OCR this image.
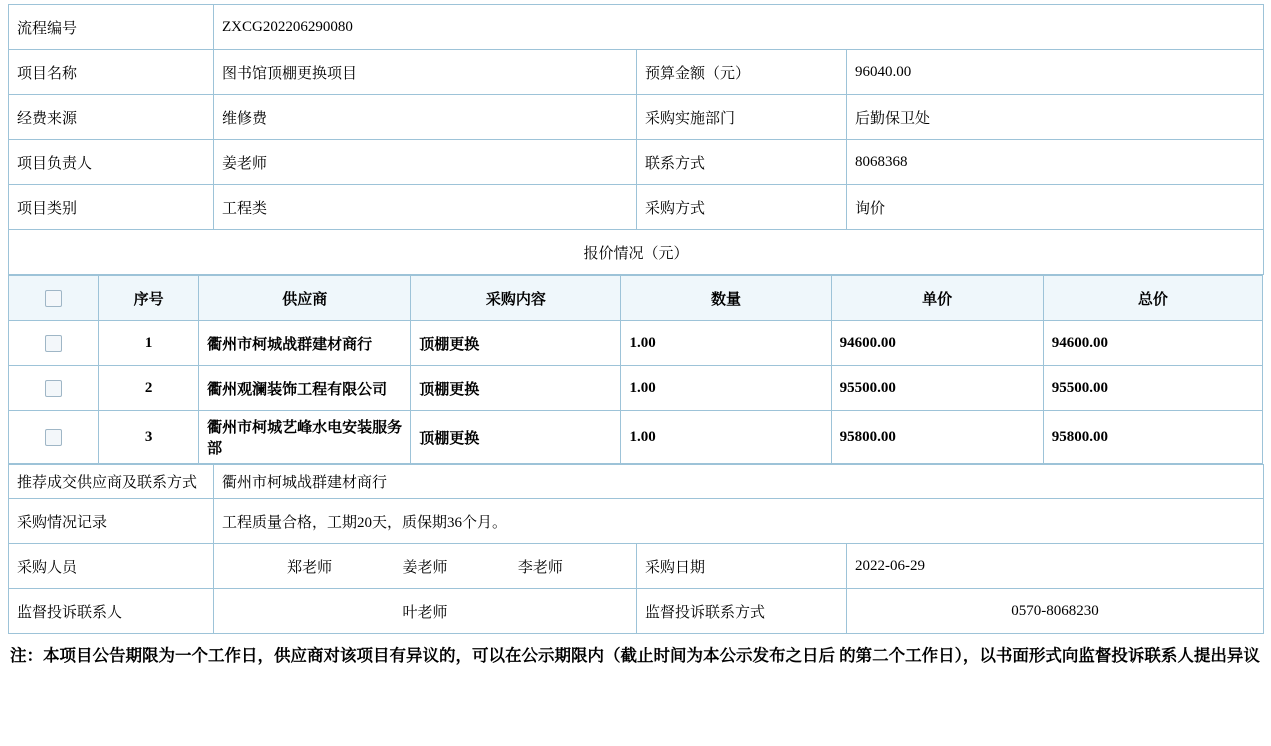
流程编号	ZXCG202206290080		
项目名称	图书馆顶棚更换项目	预算金额（元）	96040.00
经费来源	维修费	采购实施部门	后勤保卫处
项目负责人	姜老师	联系方式	8068368
项目类别	工程类	采购方式	询价
报价情况（元）			
	序号	供应商	采购内容	数量	单价	总价
	1	衢州市柯城战群建材商行	顶棚更换	1.00	94600.00	94600.00
	2	衢州观澜装饰工程有限公司	顶棚更换	1.00	95500.00	95500.00
	3	衢州市柯城艺峰水电安装服务部	顶棚更换	1.00	95800.00	95800.00
推荐成交供应商及联系方式	衢州市柯城战群建材商行		
采购情况记录	工程质量合格，工期20天，质保期36个月。		
采购人员	郑老师 姜老师 李老师	采购日期	2022-06-29
监督投诉联系人	叶老师	监督投诉联系方式	0570-8068230
注：本项目公告期限为一个工作日，供应商对该项目有异议的，可以在公示期限内（截止时间为本公示发布之日后 的第二个工作日），以书面形式向监督投诉联系人提出异议
